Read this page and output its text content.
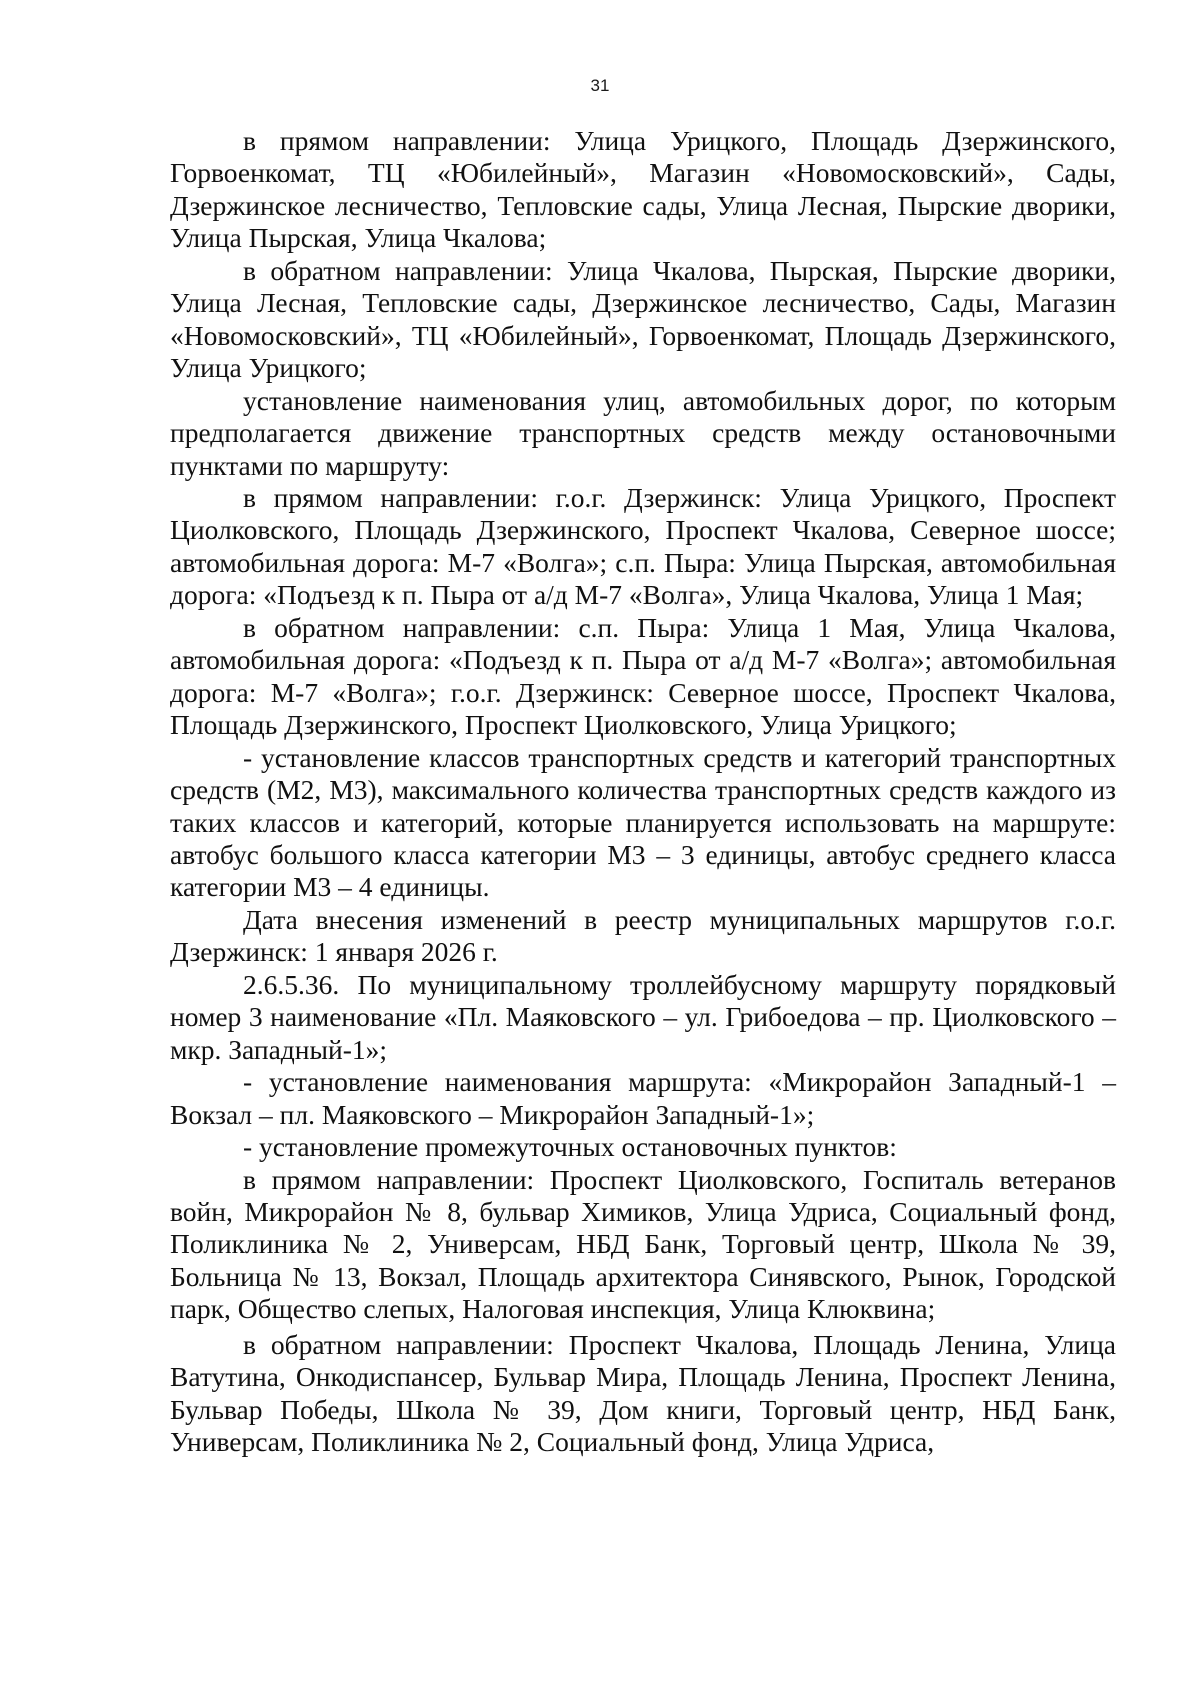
31

в прямом направлении: Улица Урицкого, Площадь Дзержинского, Горвоенкомат, ТЦ «Юбилейный», Магазин «Новомосковский», Сады, Дзержинское лесничество, Тепловские сады, Улица Лесная, Пырские дворики, Улица Пырская, Улица Чкалова;

в обратном направлении: Улица Чкалова, Пырская, Пырские дворики, Улица Лесная, Тепловские сады, Дзержинское лесничество, Сады, Магазин «Новомосковский», ТЦ «Юбилейный», Горвоенкомат, Площадь Дзержинского, Улица Урицкого;

установление наименования улиц, автомобильных дорог, по которым предполагается движение транспортных средств между остановочными пунктами по маршруту:

в прямом направлении: г.о.г. Дзержинск: Улица Урицкого, Проспект Циолковского, Площадь Дзержинского, Проспект Чкалова, Северное шоссе; автомобильная дорога: М-7 «Волга»; с.п. Пыра: Улица Пырская, автомобильная дорога: «Подъезд к п. Пыра от а/д М-7 «Волга», Улица Чкалова, Улица 1 Мая;

в обратном направлении: с.п. Пыра: Улица 1 Мая, Улица Чкалова, автомобильная дорога: «Подъезд к п. Пыра от а/д М-7 «Волга»; автомобильная дорога: М-7 «Волга»; г.о.г. Дзержинск: Северное шоссе, Проспект Чкалова, Площадь Дзержинского, Проспект Циолковского, Улица Урицкого;

- установление классов транспортных средств и категорий транспортных средств (М2, М3), максимального количества транспортных средств каждого из таких классов и категорий, которые планируется использовать на маршруте: автобус большого класса категории М3 – 3 единицы, автобус среднего класса категории М3 – 4 единицы.

Дата внесения изменений в реестр муниципальных маршрутов г.о.г. Дзержинск: 1 января 2026 г.

2.6.5.36. По муниципальному троллейбусному маршруту порядковый номер 3 наименование «Пл. Маяковского – ул. Грибоедова – пр. Циолковского – мкр. Западный-1»;

- установление наименования маршрута: «Микрорайон Западный-1 – Вокзал – пл. Маяковского – Микрорайон Западный-1»;

- установление промежуточных остановочных пунктов:

в прямом направлении: Проспект Циолковского, Госпиталь ветеранов войн, Микрорайон № 8, бульвар Химиков, Улица Удриса, Социальный фонд, Поликлиника № 2, Универсам, НБД Банк, Торговый центр, Школа № 39, Больница № 13, Вокзал, Площадь архитектора Синявского, Рынок, Городской парк, Общество слепых, Налоговая инспекция, Улица Клюквина;

в обратном направлении: Проспект Чкалова, Площадь Ленина, Улица Ватутина, Онкодиспансер, Бульвар Мира, Площадь Ленина, Проспект Ленина, Бульвар Победы, Школа № 39, Дом книги, Торговый центр, НБД Банк, Универсам, Поликлиника № 2, Социальный фонд, Улица Удриса,
